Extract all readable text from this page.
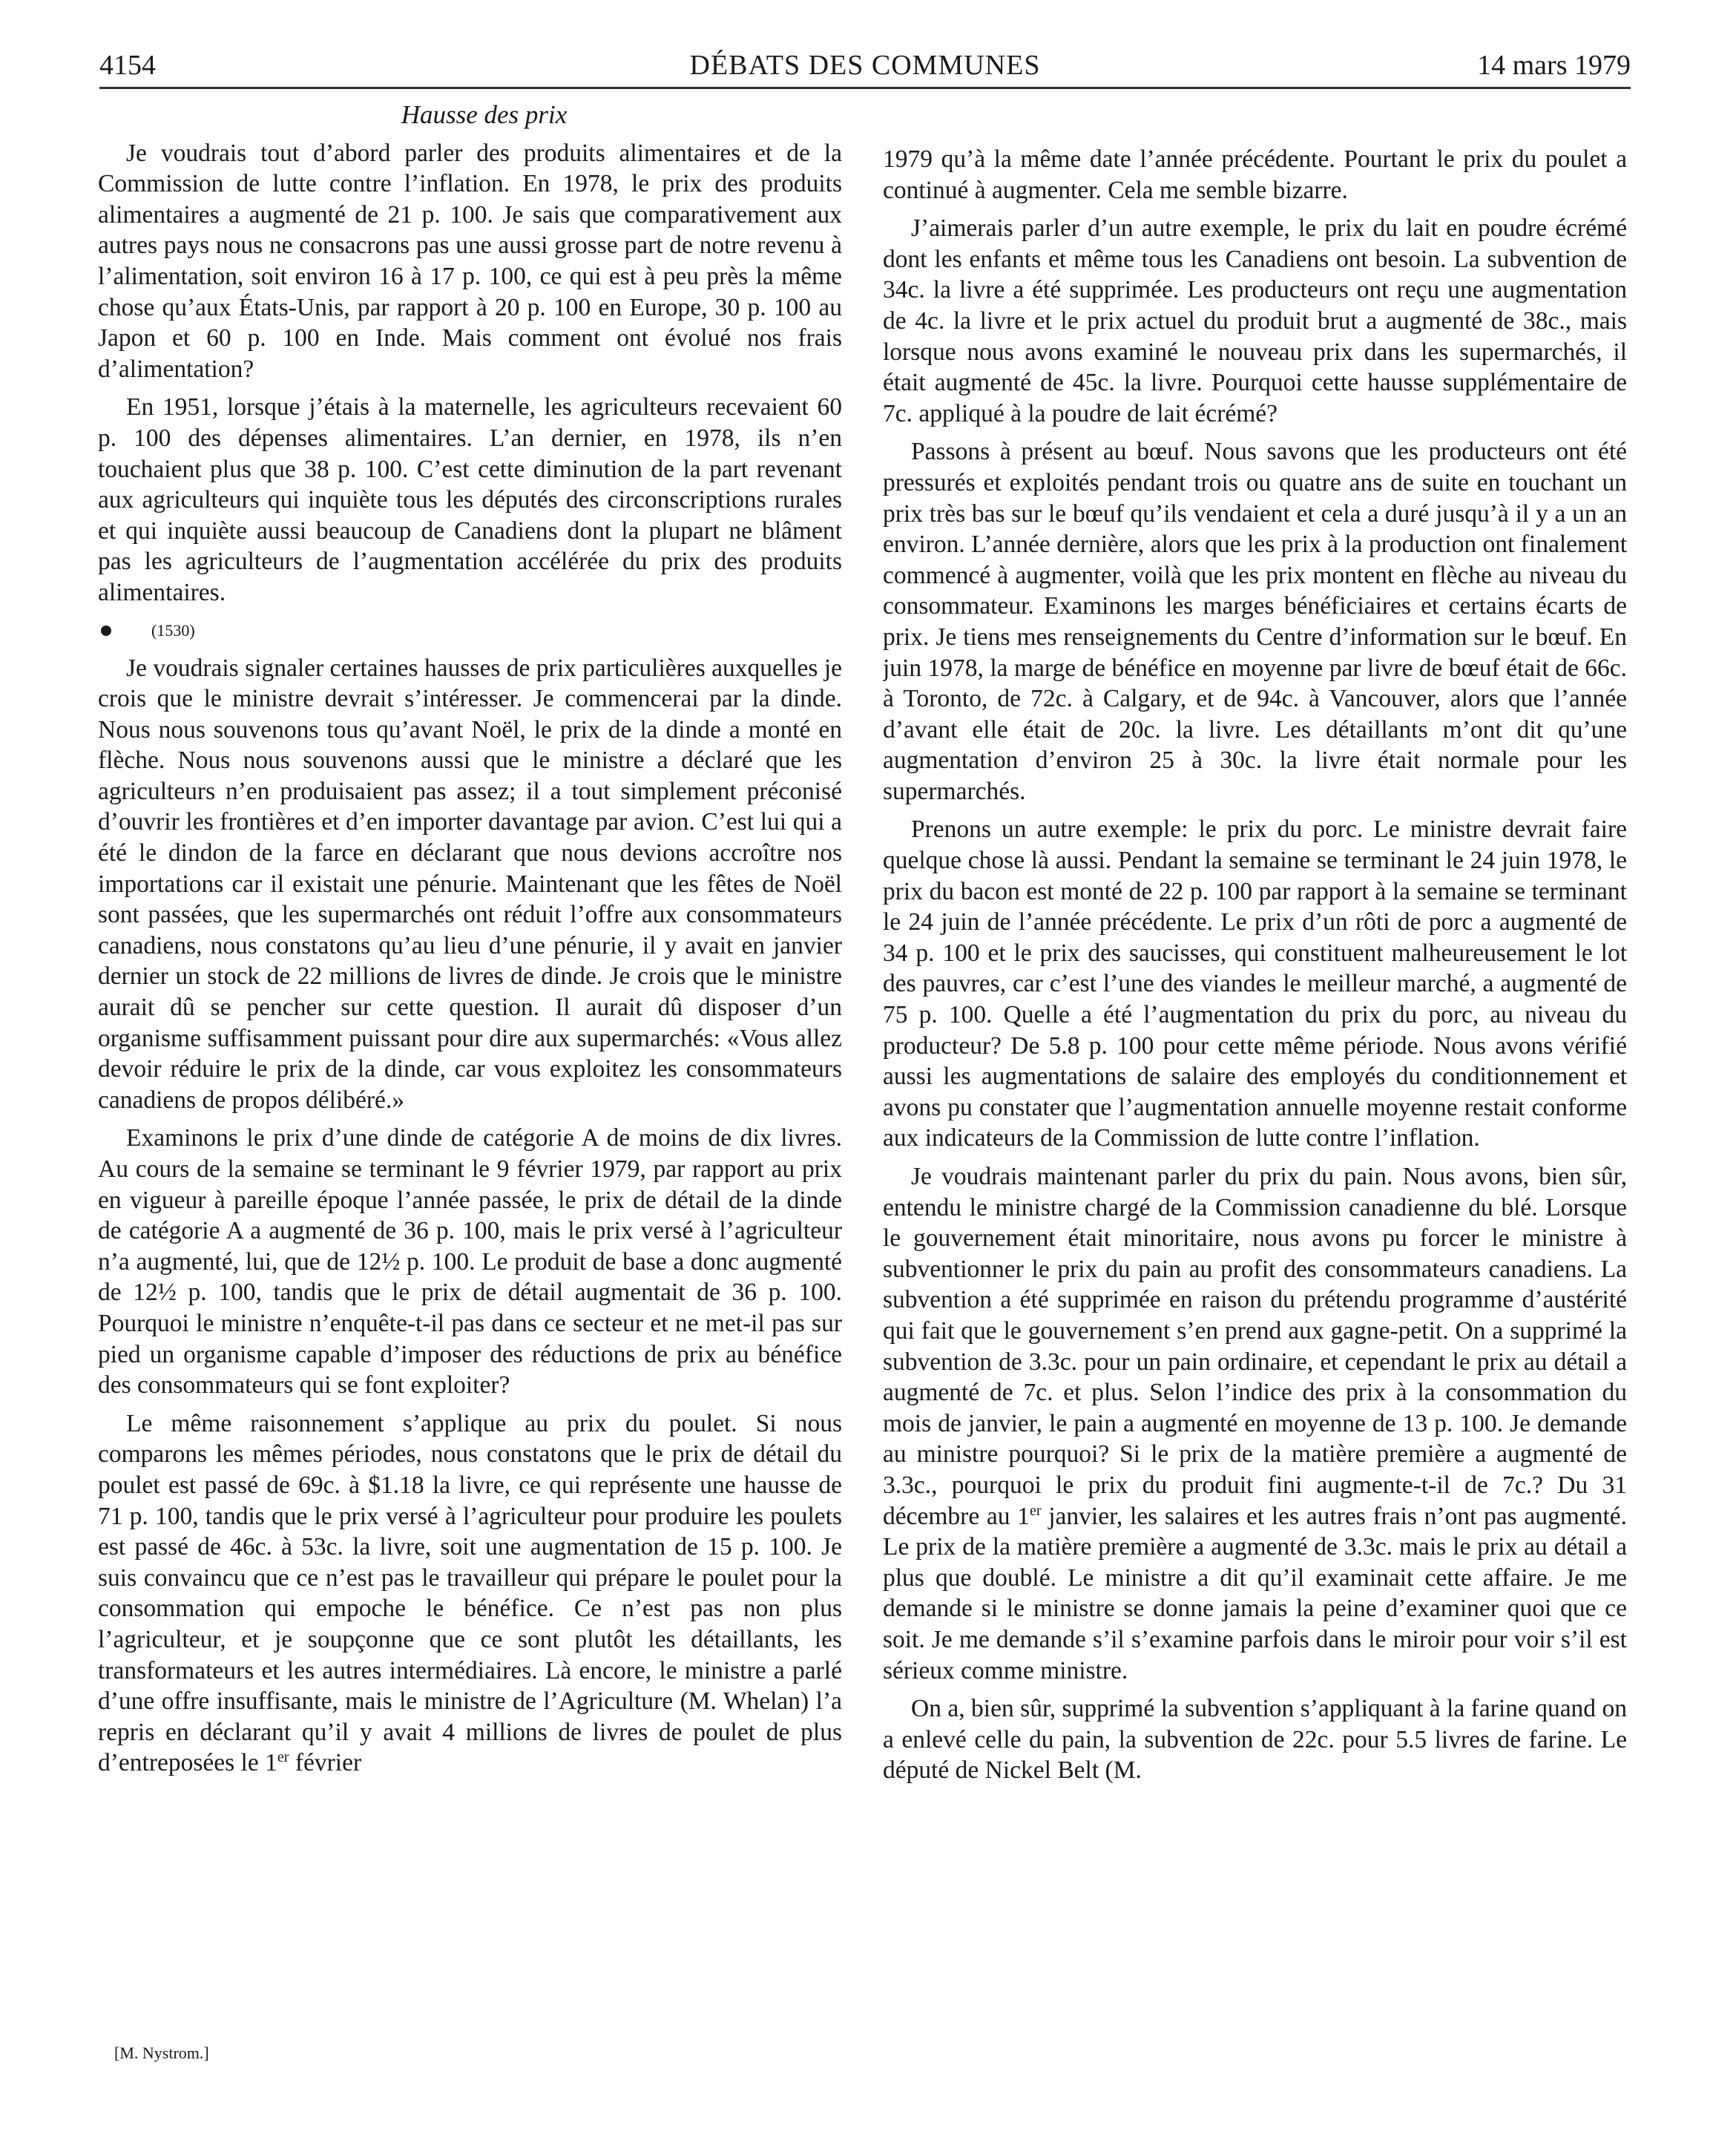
4154	DÉBATS DES COMMUNES	14 mars 1979

Hausse des prix

Je voudrais tout d’abord parler des produits alimentaires et de la Commission de lutte contre l’inflation. En 1978, le prix des produits alimentaires a augmenté de 21 p. 100. Je sais que comparativement aux autres pays nous ne consacrons pas une aussi grosse part de notre revenu à l’alimentation, soit environ 16 à 17 p. 100, ce qui est à peu près la même chose qu’aux États-Unis, par rapport à 20 p. 100 en Europe, 30 p. 100 au Japon et 60 p. 100 en Inde. Mais comment ont évolué nos frais d’alimentation?

En 1951, lorsque j’étais à la maternelle, les agriculteurs recevaient 60 p. 100 des dépenses alimentaires. L’an dernier, en 1978, ils n’en touchaient plus que 38 p. 100. C’est cette diminution de la part revenant aux agriculteurs qui inquiète tous les députés des circonscriptions rurales et qui inquiète aussi beaucoup de Canadiens dont la plupart ne blâment pas les agriculteurs de l’augmentation accélérée du prix des produits alimentaires.

(1530)

Je voudrais signaler certaines hausses de prix particulières auxquelles je crois que le ministre devrait s’intéresser. Je commencerai par la dinde. Nous nous souvenons tous qu’avant Noël, le prix de la dinde a monté en flèche. Nous nous souvenons aussi que le ministre a déclaré que les agriculteurs n’en produisaient pas assez; il a tout simplement préconisé d’ouvrir les frontières et d’en importer davantage par avion. C’est lui qui a été le dindon de la farce en déclarant que nous devions accroître nos importations car il existait une pénurie. Maintenant que les fêtes de Noël sont passées, que les supermarchés ont réduit l’offre aux consommateurs canadiens, nous constatons qu’au lieu d’une pénurie, il y avait en janvier dernier un stock de 22 millions de livres de dinde. Je crois que le ministre aurait dû se pencher sur cette question. Il aurait dû disposer d’un organisme suffisamment puissant pour dire aux supermarchés: «Vous allez devoir réduire le prix de la dinde, car vous exploitez les consommateurs canadiens de propos délibéré.»

Examinons le prix d’une dinde de catégorie A de moins de dix livres. Au cours de la semaine se terminant le 9 février 1979, par rapport au prix en vigueur à pareille époque l’année passée, le prix de détail de la dinde de catégorie A a augmenté de 36 p. 100, mais le prix versé à l’agriculteur n’a augmenté, lui, que de 12½ p. 100. Le produit de base a donc augmenté de 12½ p. 100, tandis que le prix de détail augmentait de 36 p. 100. Pourquoi le ministre n’enquête-t-il pas dans ce secteur et ne met-il pas sur pied un organisme capable d’imposer des réductions de prix au bénéfice des consommateurs qui se font exploiter?

Le même raisonnement s’applique au prix du poulet. Si nous comparons les mêmes périodes, nous constatons que le prix de détail du poulet est passé de 69c. à $1.18 la livre, ce qui représente une hausse de 71 p. 100, tandis que le prix versé à l’agriculteur pour produire les poulets est passé de 46c. à 53c. la livre, soit une augmentation de 15 p. 100. Je suis convaincu que ce n’est pas le travailleur qui prépare le poulet pour la consommation qui empoche le bénéfice. Ce n’est pas non plus l’agriculteur, et je soupçonne que ce sont plutôt les détaillants, les transformateurs et les autres intermédiaires. Là encore, le ministre a parlé d’une offre insuffisante, mais le ministre de l’Agriculture (M. Whelan) l’a repris en déclarant qu’il y avait 4 millions de livres de poulet de plus d’entreposées le 1er février

1979 qu’à la même date l’année précédente. Pourtant le prix du poulet a continué à augmenter. Cela me semble bizarre.

J’aimerais parler d’un autre exemple, le prix du lait en poudre écrémé dont les enfants et même tous les Canadiens ont besoin. La subvention de 34c. la livre a été supprimée. Les producteurs ont reçu une augmentation de 4c. la livre et le prix actuel du produit brut a augmenté de 38c., mais lorsque nous avons examiné le nouveau prix dans les supermarchés, il était augmenté de 45c. la livre. Pourquoi cette hausse supplémentaire de 7c. appliqué à la poudre de lait écrémé?

Passons à présent au bœuf. Nous savons que les producteurs ont été pressurés et exploités pendant trois ou quatre ans de suite en touchant un prix très bas sur le bœuf qu’ils vendaient et cela a duré jusqu’à il y a un an environ. L’année dernière, alors que les prix à la production ont finalement commencé à augmenter, voilà que les prix montent en flèche au niveau du consommateur. Examinons les marges bénéficiaires et certains écarts de prix. Je tiens mes renseignements du Centre d’information sur le bœuf. En juin 1978, la marge de bénéfice en moyenne par livre de bœuf était de 66c. à Toronto, de 72c. à Calgary, et de 94c. à Vancouver, alors que l’année d’avant elle était de 20c. la livre. Les détaillants m’ont dit qu’une augmentation d’environ 25 à 30c. la livre était normale pour les supermarchés.

Prenons un autre exemple: le prix du porc. Le ministre devrait faire quelque chose là aussi. Pendant la semaine se terminant le 24 juin 1978, le prix du bacon est monté de 22 p. 100 par rapport à la semaine se terminant le 24 juin de l’année précédente. Le prix d’un rôti de porc a augmenté de 34 p. 100 et le prix des saucisses, qui constituent malheureusement le lot des pauvres, car c’est l’une des viandes le meilleur marché, a augmenté de 75 p. 100. Quelle a été l’augmentation du prix du porc, au niveau du producteur? De 5.8 p. 100 pour cette même période. Nous avons vérifié aussi les augmentations de salaire des employés du conditionnement et avons pu constater que l’augmentation annuelle moyenne restait conforme aux indicateurs de la Commission de lutte contre l’inflation.

Je voudrais maintenant parler du prix du pain. Nous avons, bien sûr, entendu le ministre chargé de la Commission canadienne du blé. Lorsque le gouvernement était minoritaire, nous avons pu forcer le ministre à subventionner le prix du pain au profit des consommateurs canadiens. La subvention a été supprimée en raison du prétendu programme d’austérité qui fait que le gouvernement s’en prend aux gagne-petit. On a supprimé la subvention de 3.3c. pour un pain ordinaire, et cependant le prix au détail a augmenté de 7c. et plus. Selon l’indice des prix à la consommation du mois de janvier, le pain a augmenté en moyenne de 13 p. 100. Je demande au ministre pourquoi? Si le prix de la matière première a augmenté de 3.3c., pourquoi le prix du produit fini augmente-t-il de 7c.? Du 31 décembre au 1er janvier, les salaires et les autres frais n’ont pas augmenté. Le prix de la matière première a augmenté de 3.3c. mais le prix au détail a plus que doublé. Le ministre a dit qu’il examinait cette affaire. Je me demande si le ministre se donne jamais la peine d’examiner quoi que ce soit. Je me demande s’il s’examine parfois dans le miroir pour voir s’il est sérieux comme ministre.

On a, bien sûr, supprimé la subvention s’appliquant à la farine quand on a enlevé celle du pain, la subvention de 22c. pour 5.5 livres de farine. Le député de Nickel Belt (M.

[M. Nystrom.]
